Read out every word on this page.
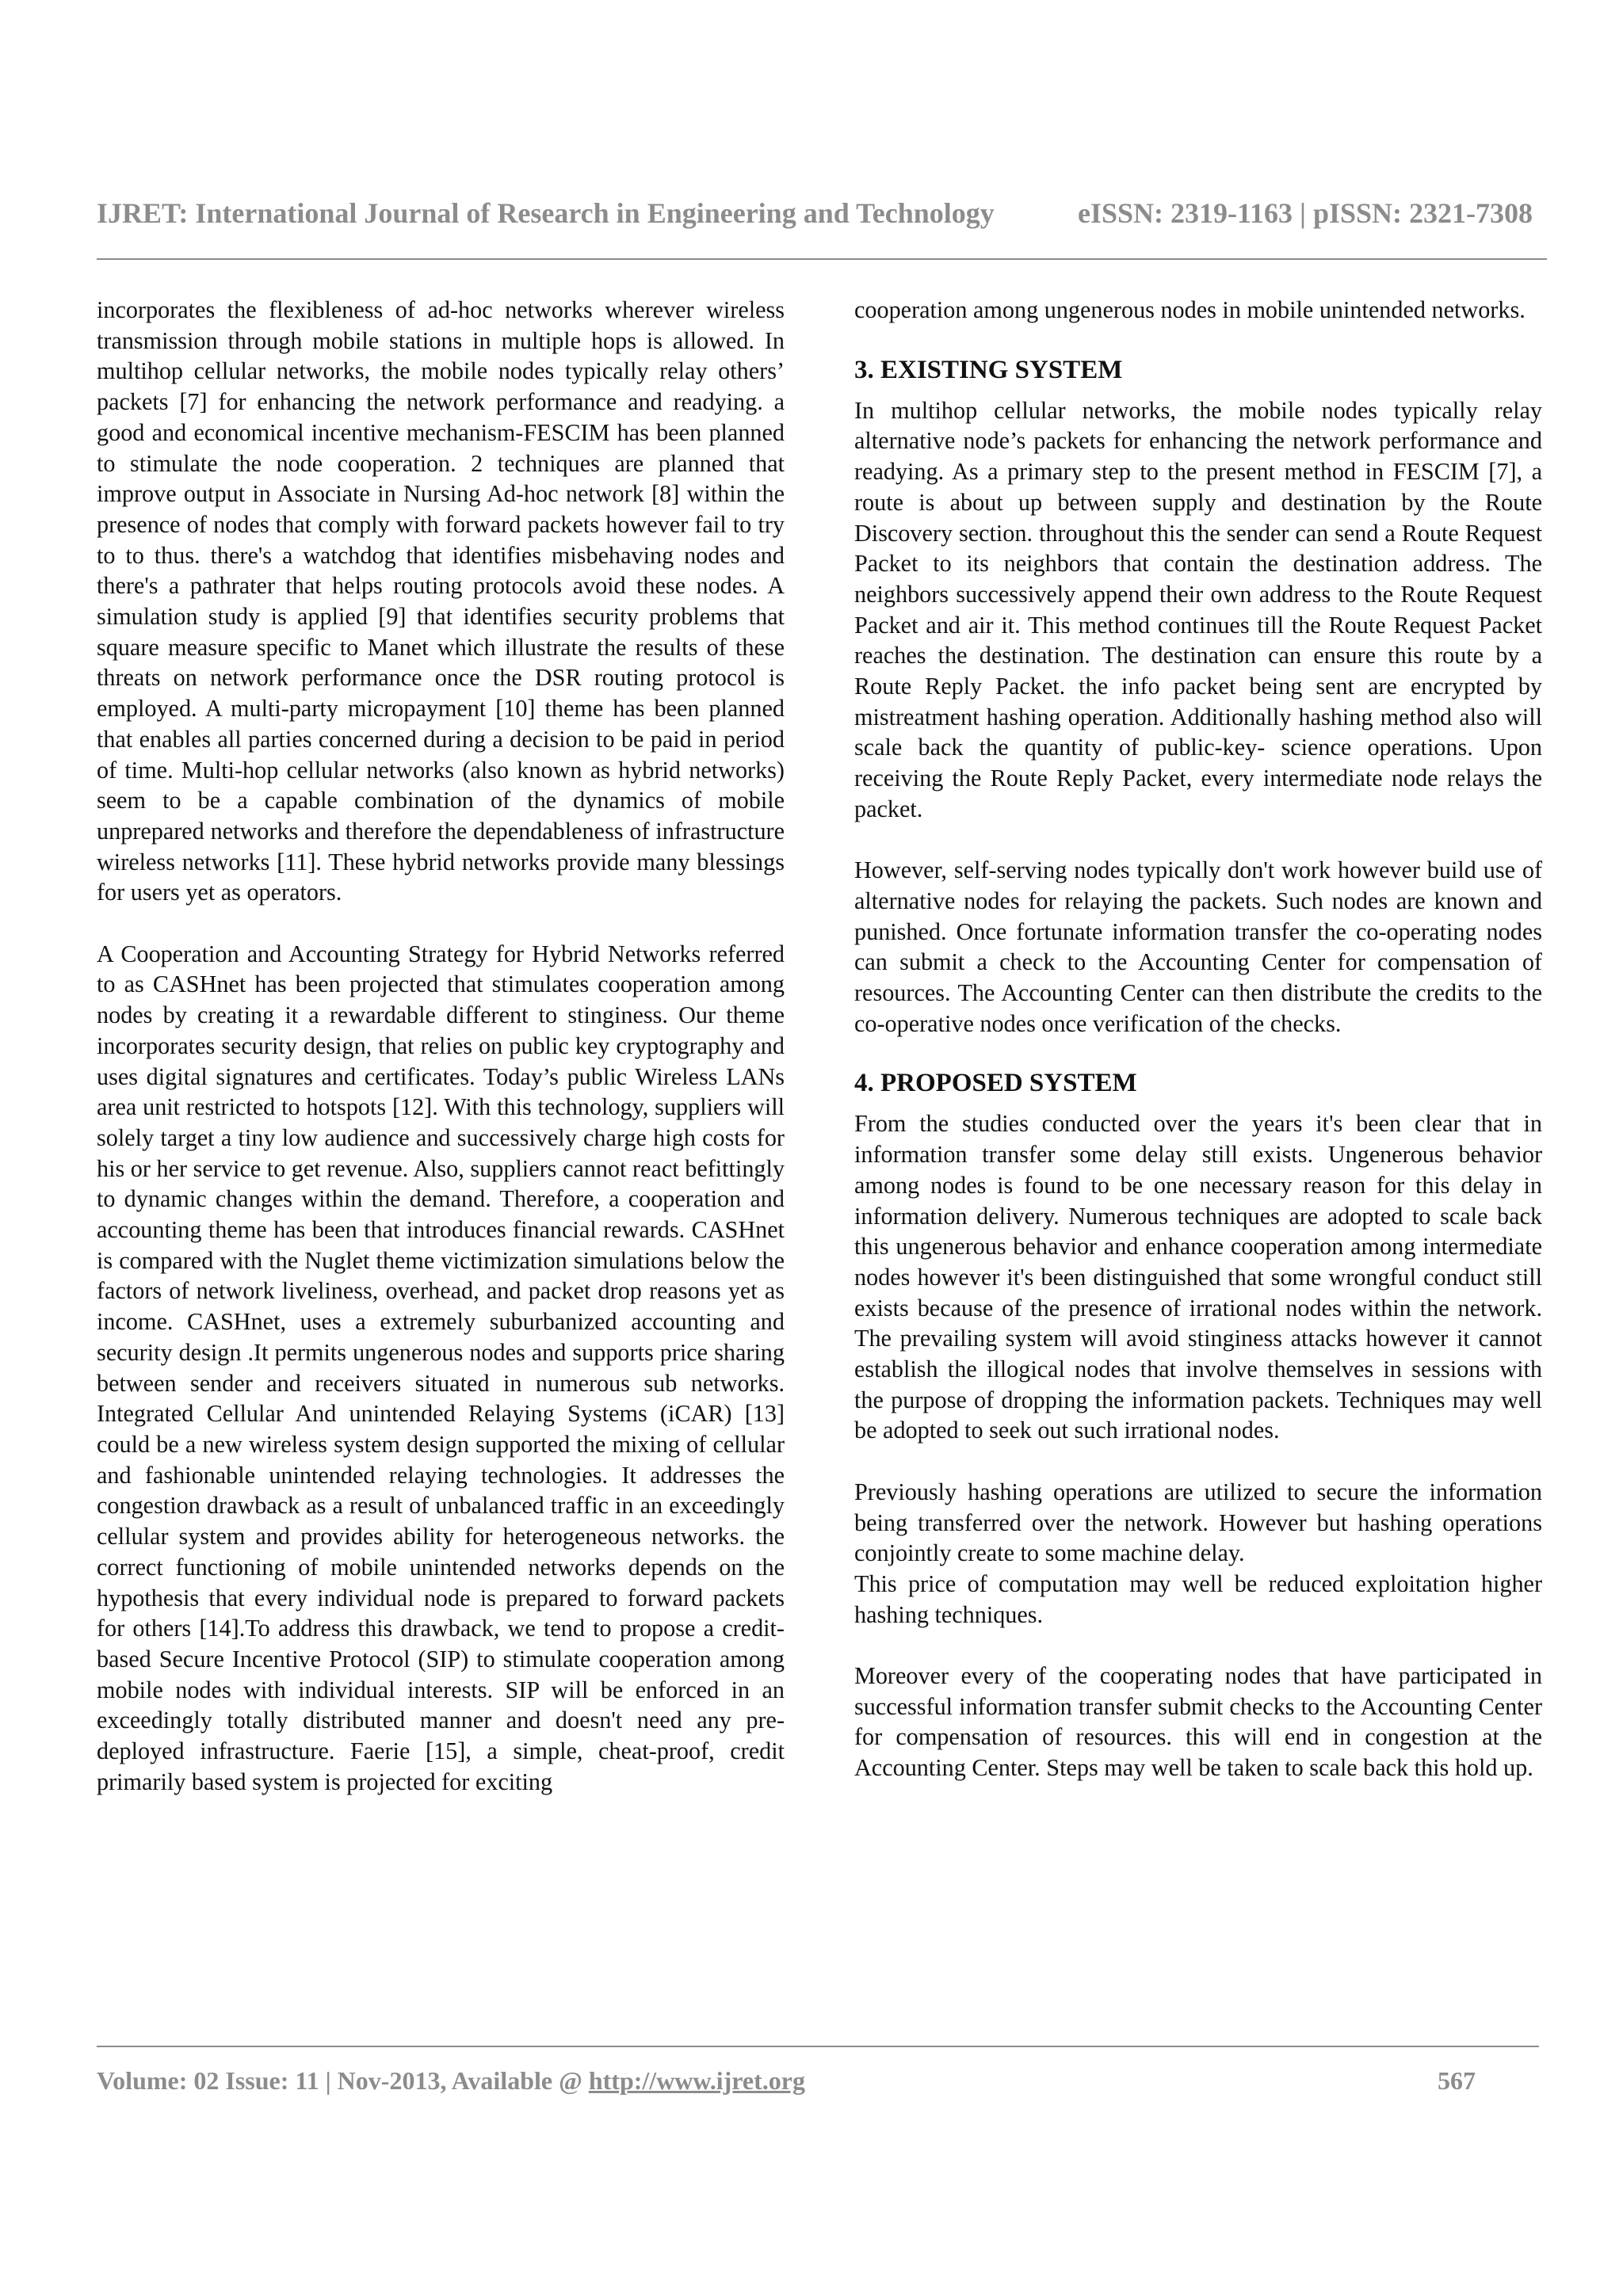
IJRET: International Journal of Research in Engineering and Technology	eISSN: 2319-1163 | pISSN: 2321-7308

incorporates the flexibleness of ad-hoc networks wherever wireless transmission through mobile stations in multiple hops is allowed. In multihop cellular networks, the mobile nodes typically relay others’ packets [7] for enhancing the network performance and readying. a good and economical incentive mechanism-FESCIM has been planned to stimulate the node cooperation. 2 techniques are planned that improve output in Associate in Nursing Ad-hoc network [8] within the presence of nodes that comply with forward packets however fail to try to to thus. there's a watchdog that identifies misbehaving nodes and there's a pathrater that helps routing protocols avoid these nodes. A simulation study is applied [9] that identifies security problems that square measure specific to Manet which illustrate the results of these threats on network performance once the DSR routing protocol is employed. A multi-party micropayment [10] theme has been planned that enables all parties concerned during a decision to be paid in period of time. Multi-hop cellular networks (also known as hybrid networks) seem to be a capable combination of the dynamics of mobile unprepared networks and therefore the dependableness of infrastructure wireless networks [11]. These hybrid networks provide many blessings for users yet as operators.

A Cooperation and Accounting Strategy for Hybrid Networks referred to as CASHnet has been projected that stimulates cooperation among nodes by creating it a rewardable different to stinginess. Our theme incorporates security design, that relies on public key cryptography and uses digital signatures and certificates. Today’s public Wireless LANs area unit restricted to hotspots [12]. With this technology, suppliers will solely target a tiny low audience and successively charge high costs for his or her service to get revenue. Also, suppliers cannot react befittingly to dynamic changes within the demand. Therefore, a cooperation and accounting theme has been that introduces financial rewards. CASHnet is compared with the Nuglet theme victimization simulations below the factors of network liveliness, overhead, and packet drop reasons yet as income. CASHnet, uses a extremely suburbanized accounting and security design .It permits ungenerous nodes and supports price sharing between sender and receivers situated in numerous sub networks. Integrated Cellular And unintended Relaying Systems (iCAR) [13] could be a new wireless system design supported the mixing of cellular and fashionable unintended relaying technologies. It addresses the congestion drawback as a result of unbalanced traffic in an exceedingly cellular system and provides ability for heterogeneous networks. the correct functioning of mobile unintended networks depends on the hypothesis that every individual node is prepared to forward packets for others [14].To address this drawback, we tend to propose a credit-based Secure Incentive Protocol (SIP) to stimulate cooperation among mobile nodes with individual interests. SIP will be enforced in an exceedingly totally distributed manner and doesn't need any pre-deployed infrastructure. Faerie [15], a simple, cheat-proof, credit primarily based system is projected for exciting

cooperation among ungenerous nodes in mobile unintended networks.

3. EXISTING SYSTEM

In multihop cellular networks, the mobile nodes typically relay alternative node’s packets for enhancing the network performance and readying. As a primary step to the present method in FESCIM [7], a route is about up between supply and destination by the Route Discovery section. throughout this the sender can send a Route Request Packet to its neighbors that contain the destination address. The neighbors successively append their own address to the Route Request Packet and air it. This method continues till the Route Request Packet reaches the destination. The destination can ensure this route by a Route Reply Packet. the info packet being sent are encrypted by mistreatment hashing operation. Additionally hashing method also will scale back the quantity of public-key- science operations. Upon receiving the Route Reply Packet, every intermediate node relays the packet.

However, self-serving nodes typically don't work however build use of alternative nodes for relaying the packets. Such nodes are known and punished. Once fortunate information transfer the co-operating nodes can submit a check to the Accounting Center for compensation of resources. The Accounting Center can then distribute the credits to the co-operative nodes once verification of the checks.

4. PROPOSED SYSTEM

From the studies conducted over the years it's been clear that in information transfer some delay still exists. Ungenerous behavior among nodes is found to be one necessary reason for this delay in information delivery. Numerous techniques are adopted to scale back this ungenerous behavior and enhance cooperation among intermediate nodes however it's been distinguished that some wrongful conduct still exists because of the presence of irrational nodes within the network. The prevailing system will avoid stinginess attacks however it cannot establish the illogical nodes that involve themselves in sessions with the purpose of dropping the information packets. Techniques may well be adopted to seek out such irrational nodes.

Previously hashing operations are utilized to secure the information being transferred over the network. However but hashing operations conjointly create to some machine delay.

This price of computation may well be reduced exploitation higher hashing techniques.

Moreover every of the cooperating nodes that have participated in successful information transfer submit checks to the Accounting Center for compensation of resources. this will end in congestion at the Accounting Center. Steps may well be taken to scale back this hold up.

Volume: 02 Issue: 11 | Nov-2013, Available @ http://www.ijret.org	567
